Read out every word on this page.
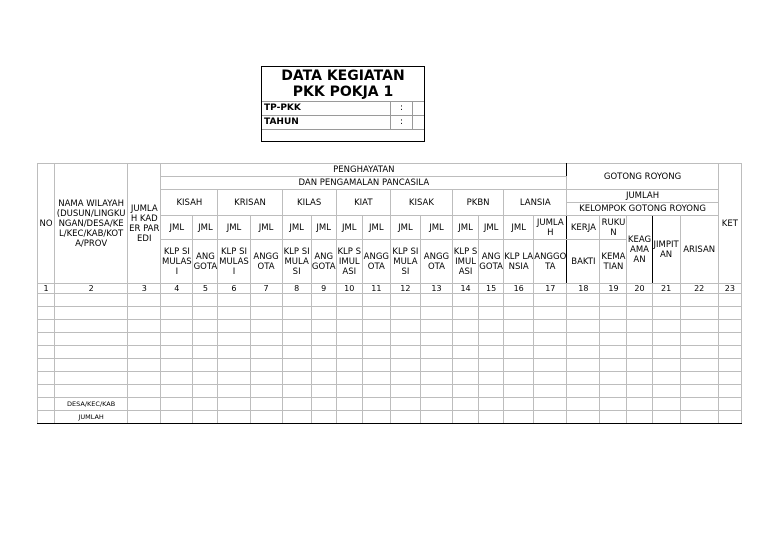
DATA KEGIATAN
PKK POKJA 1
TP-PKK	:
TAHUN	:
NO	NAMA WILAYAH(DUSUN/LINGKUNGAN/DESA/KEL/KEC/KAB/KOTA/PROV	JUMLAH KADER PAREDI	PENGHAYATAN														GOTONG ROYONG					KET
			DAN PENGAMALAN PANCASILA																			
			KISAH		KRISAN		KILAS		KIAT		KISAK		PKBN		LANSIA		JUMLAH					
																	KELOMPOK GOTONG ROYONG					
			JML	JML	JML	JML	JML	JML	JML	JML	JML	JML	JML	JML	JML	JUMLAH	KERJA	RUKUN	KEAGAMAAN	JIMPITAN	ARISAN	
			KLP SIMULASI	ANGGOTA	KLP SIMULASI	ANGGOTA	KLP SIMULASI	ANGGOTA	KLP SIMULASI	ANGGOTA	KLP SIMULASI	ANGGOTA	KLP SIMULASI	ANGGOTA	KLP LANSIA	ANGGOTA	BAKTI	KEMATIAN				
1	2	3	4	5	6	7	8	9	10	11	12	13	14	15	16	17	18	19	20	21	22	23

	DESA/KEC/KAB																					
	JUMLAH																					
